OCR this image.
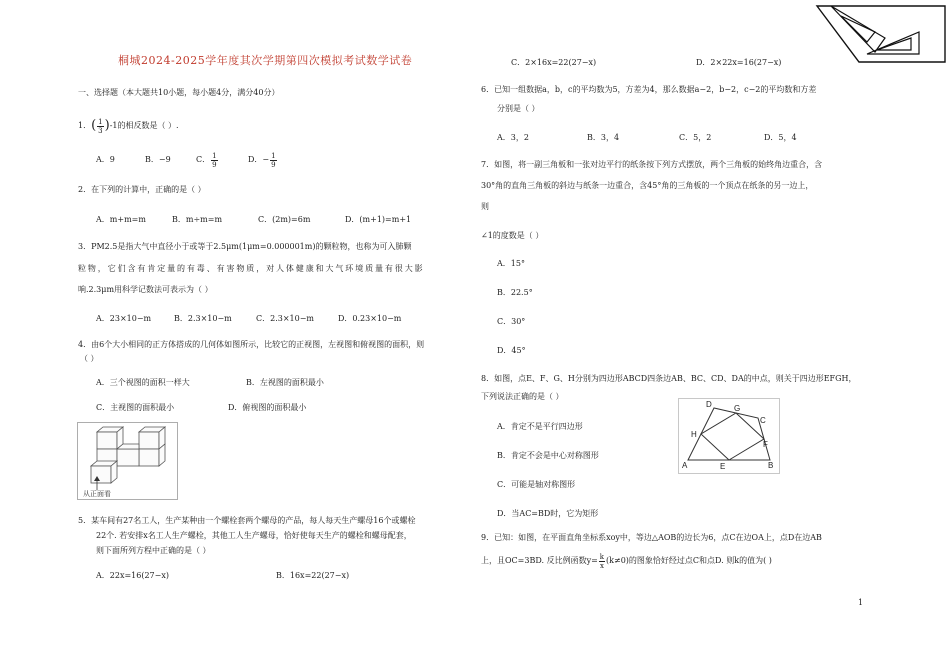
桐城2024-2025学年度其次学期第四次模拟考试数学试卷
一、选择题（本大题共10小题，每小题4分，满分40分）
1．( $\frac{1}{3} )-1$的相反数是（ ）.
A．9	B．−9	C． $\frac{1}{9}$	D．− $\frac{1}{9}$
2．在下列的计算中，正确的是（ ）
A．m+m=m	B．m÷m=m	C．(2m)=6m	D．(m+1)=m+1
3．PM2.5是指大气中直径小于或等于2.5μm(1μm=0.000001m)的颗粒物，也称为可入肺颗
粒物，它们含有肯定量的有毒、有害物质，对人体健康和大气环境质量有很大影
响.2.3μm用科学记数法可表示为（ ）
A．23×10−m	B．2.3×10−m	C．2.3×10−m	D．0.23×10−m
4．由6个大小相同的正方体搭成的几何体如图所示，比较它的正视图，左视图和俯视图的面积，则
（ ）
A．三个视图的面积一样大	B．左视图的面积最小
C．主视图的面积最小	D．俯视图的面积最小
从正面看
5．某车间有27名工人，生产某种由一个螺栓套两个螺母的产品，每人每天生产螺母16个或螺栓
22个. 若安排x名工人生产螺栓，其他工人生产螺母，恰好使每天生产的螺栓和螺母配套，
则下面所列方程中正确的是（ ）
A．22x=16(27−x)	B．16x=22(27−x)
C．2×16x=22(27−x)	D．2×22x=16(27−x)
6．已知一组数据a，b，c的平均数为5，方差为4，那么数据a−2，b−2，c−2的平均数和方差
分别是（ ）
A．3，2	B．3，4	C．5，2	D．5，4
7．如图，将一副三角板和一张对边平行的纸条按下列方式摆放，两个三角板的始终角边重合，含
30°角的直角三角板的斜边与纸条一边重合，含45°角的三角板的一个顶点在纸条的另一边上，
则
∠1的度数是（ ）
A．15°
B．22.5°
C．30°
D．45°
8．如图，点E、F、G、H分别为四边形ABCD四条边AB、BC、CD、DA的中点，则关于四边形EFGH，
下列说法正确的是（ ）
A．肯定不是平行四边形
B．肯定不会是中心对称图形
C．可能是轴对称图形
D．当AC=BD时，它为矩形
D	G
C
H
F
A	E	B
9．已知：如图，在平面直角坐标系xoy中，等边△AOB的边长为6，点C在边OA上，点D在边AB
上，且OC=3BD. 反比例函数$y= \frac{k}{x} (k\ne 0)$的图象恰好经过点C和点D. 则k的值为( )
1
